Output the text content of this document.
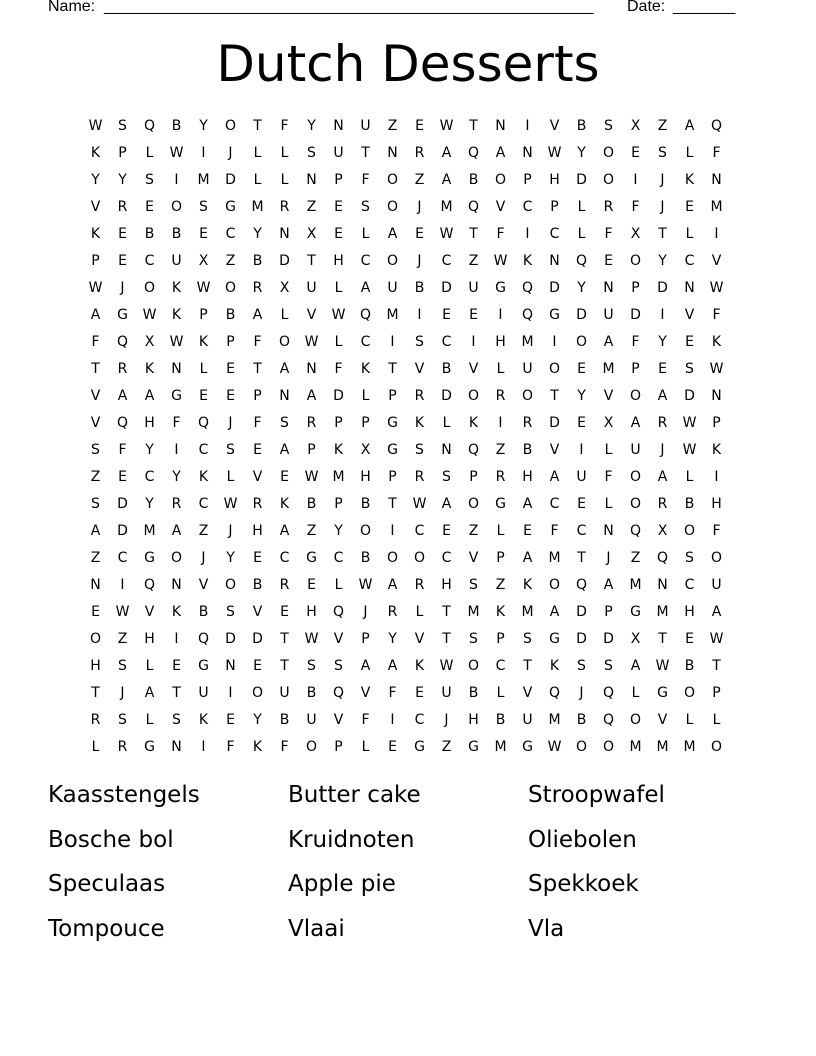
Name: _______________________________________________________ Date: _______
Dutch Desserts
W S Q B Y O T F Y N U Z E W T N I V B S X Z A Q
K P L W I J L L S U T N R A Q A N W Y O E S L F
Y Y S I M D L L N P F O Z A B O P H D O I J K N
V R E O S G M R Z E S O J M Q V C P L R F J E M
K E B B E C Y N X E L A E W T F I C L F X T L I
P E C U X Z B D T H C O J C Z W K N Q E O Y C V
W J O K W O R X U L A U B D U G Q D Y N P D N W
A G W K P B A L V W Q M I E E I Q G D U D I V F
F Q X W K P F O W L C I S C I H M I O A F Y E K
T R K N L E T A N F K T V B V L U O E M P E S W
V A A G E E P N A D L P R D O R O T Y V O A D N
V Q H F Q J F S R P P G K L K I R D E X A R W P
S F Y I C S E A P K X G S N Q Z B V I L U J W K
Z E C Y K L V E W M H P R S P R H A U F O A L I
S D Y R C W R K B P B T W A O G A C E L O R B H
A D M A Z J H A Z Y O I C E Z L E F C N Q X O F
Z C G O J Y E C G C B O O C V P A M T J Z Q S O
N I Q N V O B R E L W A R H S Z K O Q A M N C U
E W V K B S V E H Q J R L T M K M A D P G M H A
O Z H I Q D D T W V P Y V T S P S G D D X T E W
H S L E G N E T S S A A K W O C T K S S A W B T
T J A T U I O U B Q V F E U B L V Q J Q L G O P
R S L S K E Y B U V F I C J H B U M B Q O V L L
L R G N I F K F O P L E G Z G M G W O O M M M O
Kaasstengels	Butter cake	Stroopwafel
Bosche bol	Kruidnoten	Oliebolen
Speculaas	Apple pie	Spekkoek
Tompouce	Vlaai	Vla
